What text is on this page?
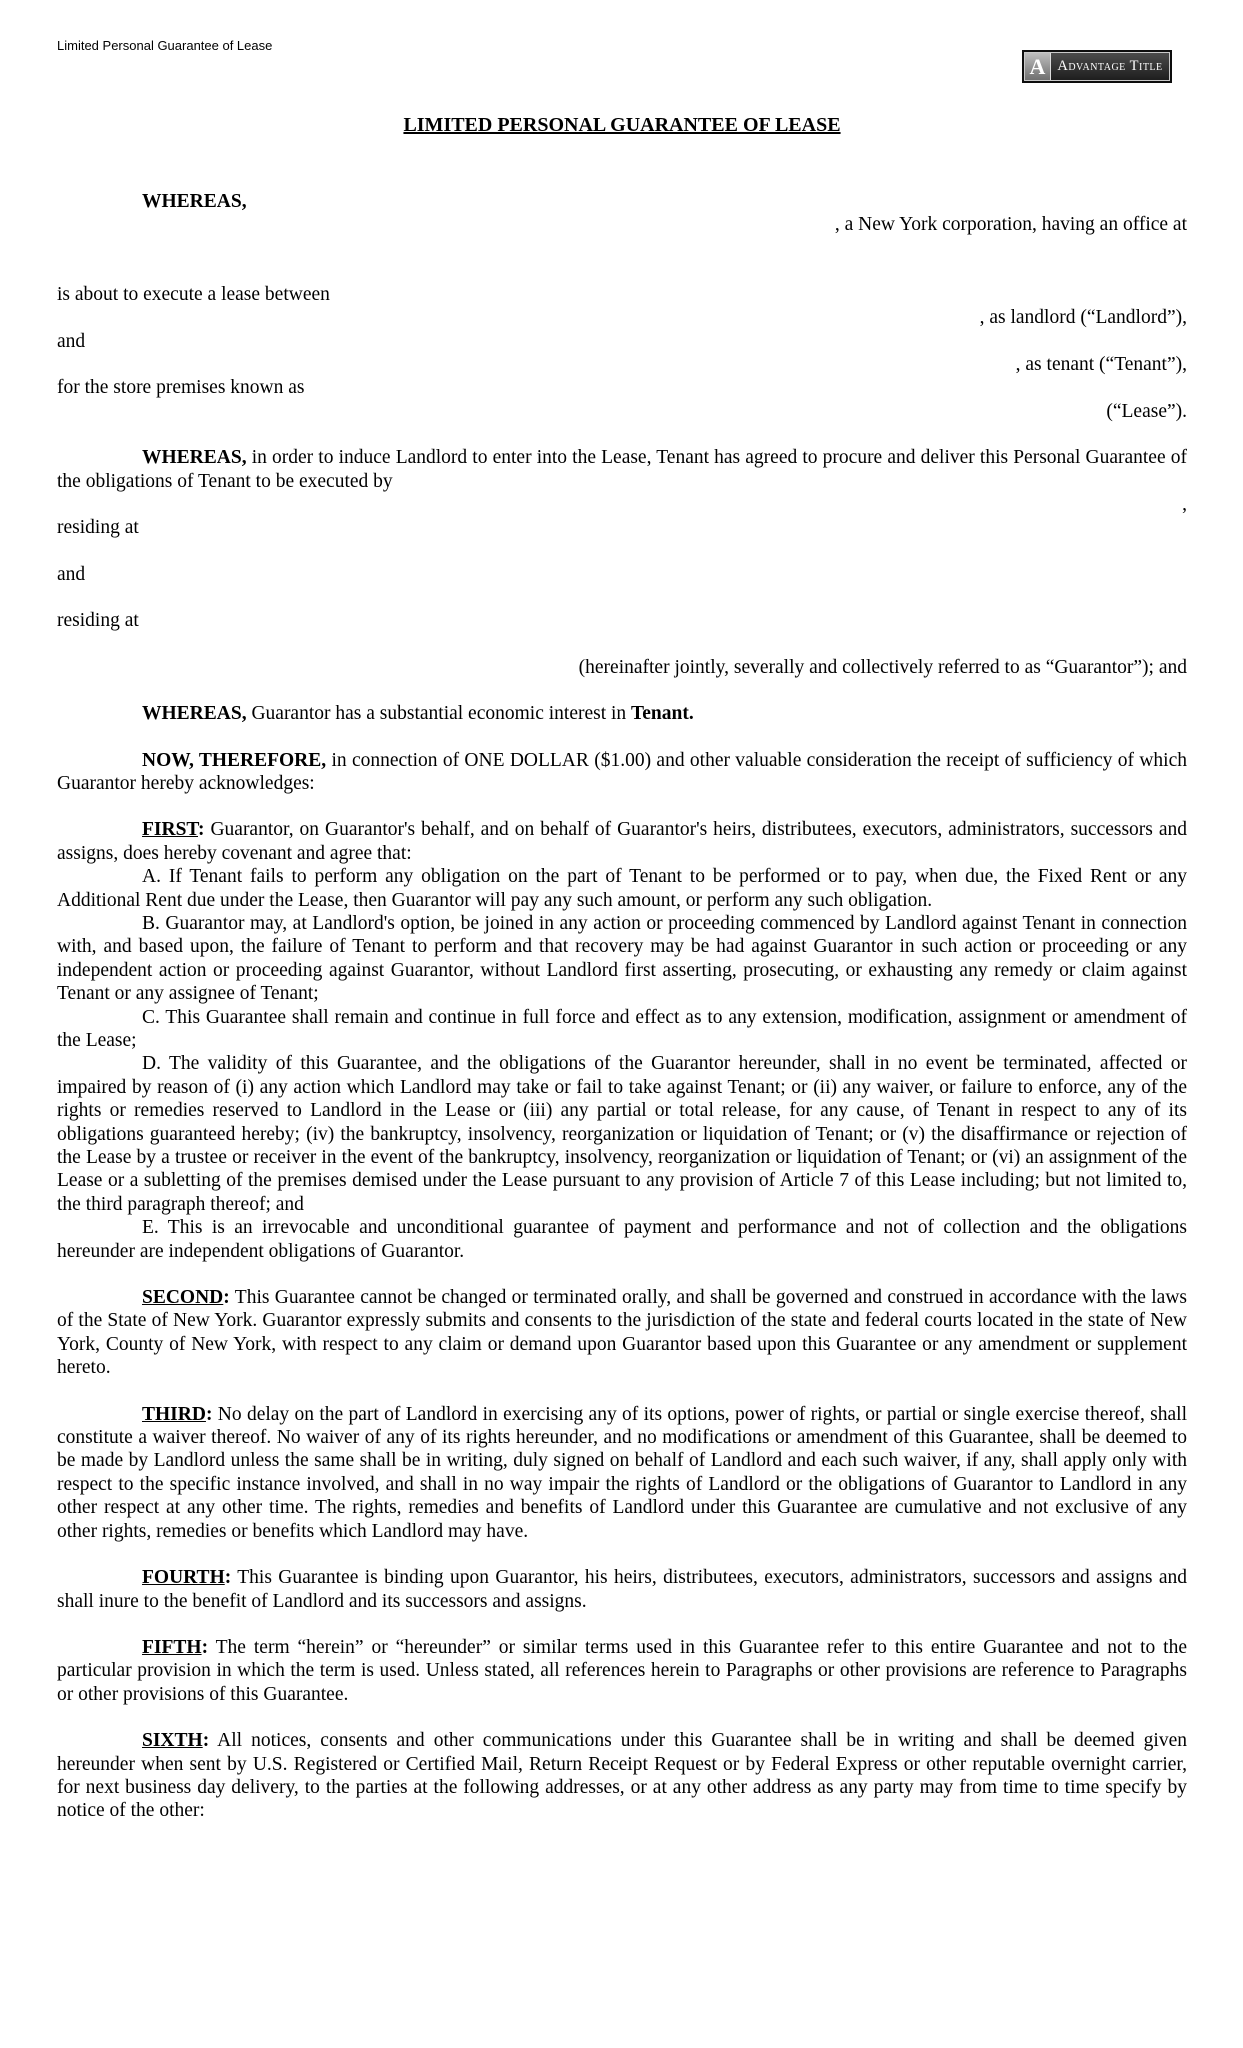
Limited Personal Guarantee of Lease
A Advantage Title
LIMITED PERSONAL GUARANTEE OF LEASE

WHEREAS,

, a New York corporation, having an office at

is about to execute a lease between

, as landlord (“Landlord”),

and

, as tenant (“Tenant”),

for the store premises known as

(“Lease”).

WHEREAS, in order to induce Landlord to enter into the Lease, Tenant has agreed to procure and deliver this Personal Guarantee of the obligations of Tenant to be executed by

,

residing at

and

residing at

(hereinafter jointly, severally and collectively referred to as “Guarantor”); and

WHEREAS, Guarantor has a substantial economic interest in Tenant.

NOW, THEREFORE, in connection of ONE DOLLAR ($1.00) and other valuable consideration the receipt of sufficiency of which Guarantor hereby acknowledges:

FIRST: Guarantor, on Guarantor's behalf, and on behalf of Guarantor's heirs, distributees, executors, administrators, successors and assigns, does hereby covenant and agree that:

A. If Tenant fails to perform any obligation on the part of Tenant to be performed or to pay, when due, the Fixed Rent or any Additional Rent due under the Lease, then Guarantor will pay any such amount, or perform any such obligation.

B. Guarantor may, at Landlord's option, be joined in any action or proceeding commenced by Landlord against Tenant in connection with, and based upon, the failure of Tenant to perform and that recovery may be had against Guarantor in such action or proceeding or any independent action or proceeding against Guarantor, without Landlord first asserting, prosecuting, or exhausting any remedy or claim against Tenant or any assignee of Tenant;

C. This Guarantee shall remain and continue in full force and effect as to any extension, modification, assignment or amendment of the Lease;

D. The validity of this Guarantee, and the obligations of the Guarantor hereunder, shall in no event be terminated, affected or impaired by reason of (i) any action which Landlord may take or fail to take against Tenant; or (ii) any waiver, or failure to enforce, any of the rights or remedies reserved to Landlord in the Lease or (iii) any partial or total release, for any cause, of Tenant in respect to any of its obligations guaranteed hereby; (iv) the bankruptcy, insolvency, reorganization or liquidation of Tenant; or (v) the disaffirmance or rejection of the Lease by a trustee or receiver in the event of the bankruptcy, insolvency, reorganization or liquidation of Tenant; or (vi) an assignment of the Lease or a subletting of the premises demised under the Lease pursuant to any provision of Article 7 of this Lease including; but not limited to, the third paragraph thereof; and

E. This is an irrevocable and unconditional guarantee of payment and performance and not of collection and the obligations hereunder are independent obligations of Guarantor.

SECOND: This Guarantee cannot be changed or terminated orally, and shall be governed and construed in accordance with the laws of the State of New York. Guarantor expressly submits and consents to the jurisdiction of the state and federal courts located in the state of New York, County of New York, with respect to any claim or demand upon Guarantor based upon this Guarantee or any amendment or supplement hereto.

THIRD: No delay on the part of Landlord in exercising any of its options, power of rights, or partial or single exercise thereof, shall constitute a waiver thereof. No waiver of any of its rights hereunder, and no modifications or amendment of this Guarantee, shall be deemed to be made by Landlord unless the same shall be in writing, duly signed on behalf of Landlord and each such waiver, if any, shall apply only with respect to the specific instance involved, and shall in no way impair the rights of Landlord or the obligations of Guarantor to Landlord in any other respect at any other time. The rights, remedies and benefits of Landlord under this Guarantee are cumulative and not exclusive of any other rights, remedies or benefits which Landlord may have.

FOURTH: This Guarantee is binding upon Guarantor, his heirs, distributees, executors, administrators, successors and assigns and shall inure to the benefit of Landlord and its successors and assigns.

FIFTH: The term “herein” or “hereunder” or similar terms used in this Guarantee refer to this entire Guarantee and not to the particular provision in which the term is used. Unless stated, all references herein to Paragraphs or other provisions are reference to Paragraphs or other provisions of this Guarantee.

SIXTH: All notices, consents and other communications under this Guarantee shall be in writing and shall be deemed given hereunder when sent by U.S. Registered or Certified Mail, Return Receipt Request or by Federal Express or other reputable overnight carrier, for next business day delivery, to the parties at the following addresses, or at any other address as any party may from time to time specify by notice of the other:
